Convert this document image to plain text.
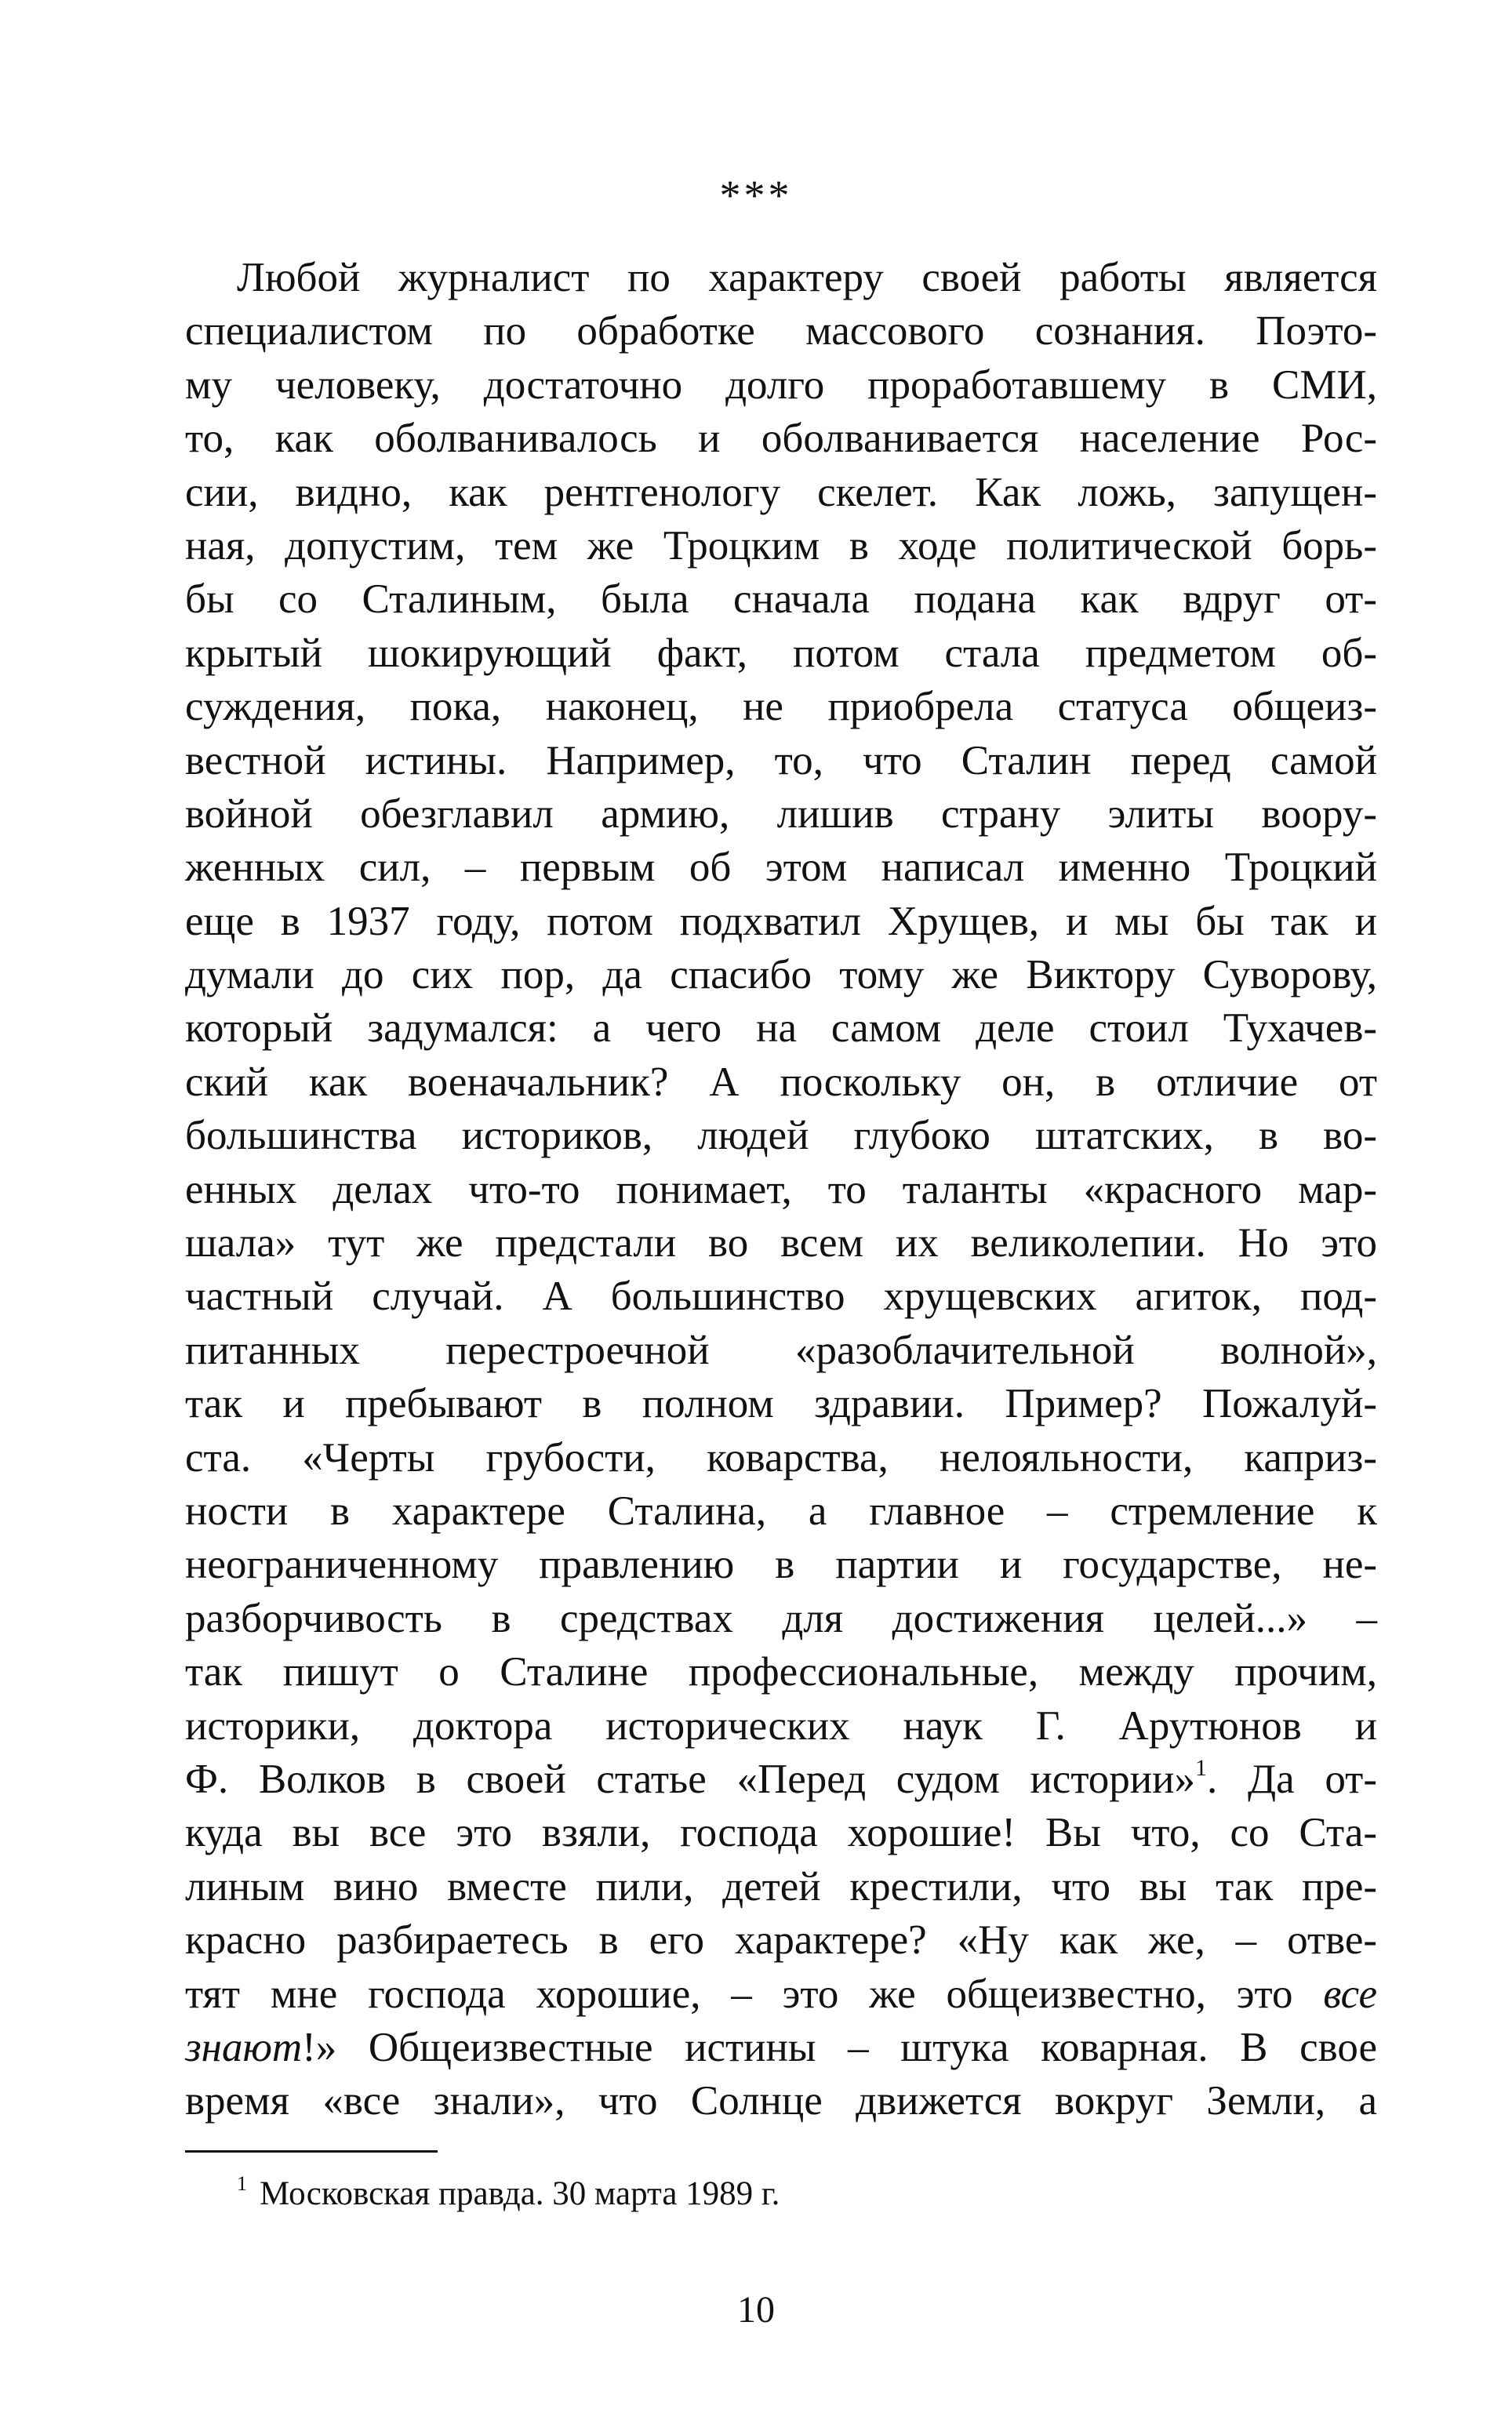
***
Любой журналист по характеру своей работы является
специалистом по обработке массового сознания. Поэто-
му человеку, достаточно долго проработавшему в СМИ,
то, как оболванивалось и оболванивается население Рос-
сии, видно, как рентгенологу скелет. Как ложь, запущен-
ная, допустим, тем же Троцким в ходе политической борь-
бы со Сталиным, была сначала подана как вдруг от-
крытый шокирующий факт, потом стала предметом об-
суждения, пока, наконец, не приобрела статуса общеиз-
вестной истины. Например, то, что Сталин перед самой
войной обезглавил армию, лишив страну элиты воору-
женных сил, – первым об этом написал именно Троцкий
еще в 1937 году, потом подхватил Хрущев, и мы бы так и
думали до сих пор, да спасибо тому же Виктору Суворову,
который задумался: а чего на самом деле стоил Тухачев-
ский как военачальник? А поскольку он, в отличие от
большинства историков, людей глубоко штатских, в во-
енных делах что-то понимает, то таланты «красного мар-
шала» тут же предстали во всем их великолепии. Но это
частный случай. А большинство хрущевских агиток, под-
питанных перестроечной «разоблачительной волной»,
так и пребывают в полном здравии. Пример? Пожалуй-
ста. «Черты грубости, коварства, нелояльности, каприз-
ности в характере Сталина, а главное – стремление к
неограниченному правлению в партии и государстве, не-
разборчивость в средствах для достижения целей...» –
так пишут о Сталине профессиональные, между прочим,
историки, доктора исторических наук Г. Арутюнов и
Ф. Волков в своей статье «Перед судом истории»$^1$. Да от-
куда вы все это взяли, господа хорошие! Вы что, со Ста-
линым вино вместе пили, детей крестили, что вы так пре-
красно разбираетесь в его характере? «Ну как же, – отве-
тят мне господа хорошие, – это же общеизвестно, это все
знают!» Общеизвестные истины – штука коварная. В свое
время «все знали», что Солнце движется вокруг Земли, а

$^1$ Московская правда. 30 марта 1989 г.

10
